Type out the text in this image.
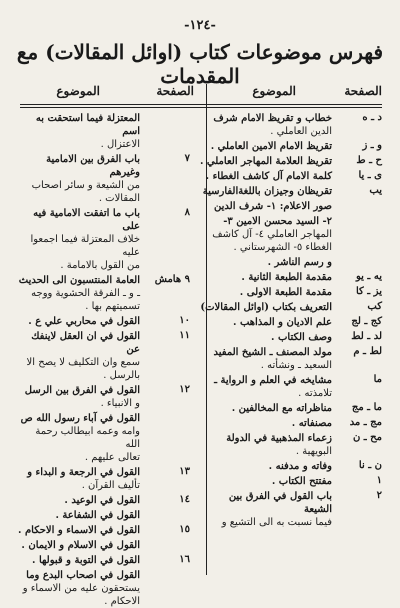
-١٢٤-
فهرس موضوعات كتاب (اوائل المقالات) مع المقدمات
الصفحة
الموضوع
الصفحة
الموضوع
د ـ ه
خطاب و تقريظ الامام شرف
الدين العاملي .
و ـ ز
تقريظ الامام الامين العاملي .
ح ـ ط
تقريظ العلامة المهاجر العاملي .
ى ـ يا
كلمة الامام آل كاشف الغطاء .
يب
تقريظان وجيزان باللغةالفارسية
صور الاعلام: ١- شرف الدين
٢- السيد محسن الامين ٣-
المهاجر العاملي ٤- آل كاشف
الغطاء ٥- الشهرستاني .
و رسم الناشر .
يه ـ يو
مقدمة الطبعة الثانية .
يز ـ كا
مقدمة الطبعة الاولى .
كب
التعريف بكتاب (اوائل المقالات)
كج ـ لج
علم الاديان و المذاهب .
لد ـ لط
وصف الكتاب .
لط ـ م
مولد المصنف ـ الشيخ المفيد
السعيد ـ ونشأته .
ما
مشايخه في العلم و الرواية ـ
تلامذته .
ما ـ مج
مناظراته مع المخالفين .
مج ـ مد
مصنفاته .
مح ـ ن
زعماء المذهبية في الدولة
البويهية .
ن ـ نا
وفاته و مدفنه .
١
مفتتح الكتاب .
٢
باب القول في الفرق بين الشيعة
فيما نسبت به الى التشيع و
المعتزلة فيما استحقت به اسم
الاعتزال .
٧
باب الفرق بين الامامية وغيرهم
من الشيعة و سائر اصحاب
المقالات .
٨
باب ما اتفقت الامامية فيه على
خلاف المعتزلة فيما اجمعوا عليه
من القول بالامامة .
٩ هامش
العامة المنتسبون الى الحديث
ـ و ـ الفرقة الحشوية ووجه
تسميتهم بها .
١٠
القول في محاربي علي ع .
١١
القول في ان العقل لاينفك عن
سمع وان التكليف لا يصح الا
بالرسل .
١٢
القول في الفرق بين الرسل
و الانبياء .
القول في آباء رسول الله ص
وامه وعمه ابيطالب رحمة الله
تعالى عليهم .
١٣
القول في الرجعة و البداء و
تأليف القرآن .
١٤
القول في الوعيد .
القول في الشفاعة .
١٥
القول في الاسماء و الاحكام .
القول في الاسلام و الايمان .
١٦
القول في التوبة و قبولها .
القول في اصحاب البدع وما
يستحقون عليه من الاسماء و
الاحكام .
